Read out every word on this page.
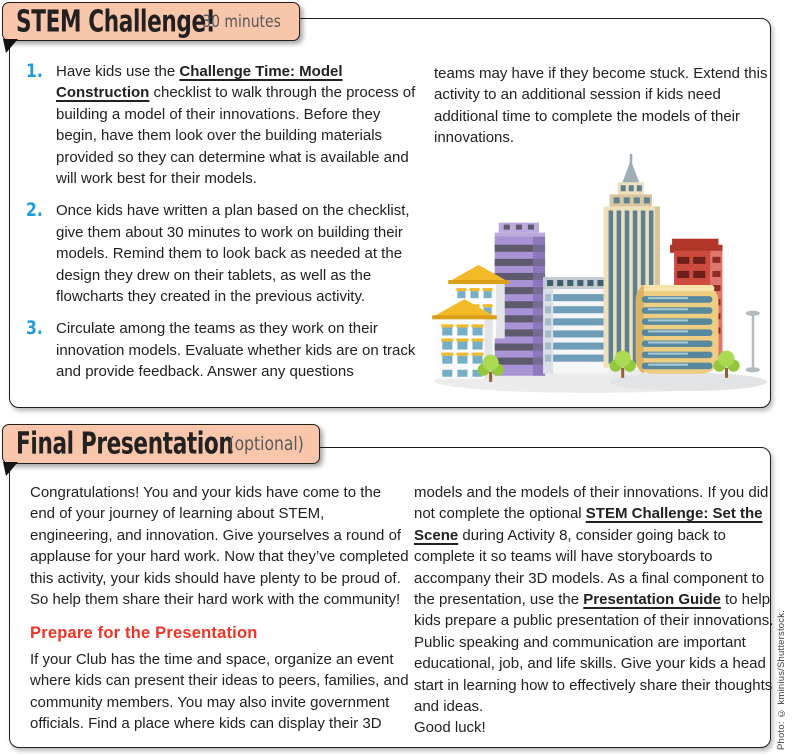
1. Have kids use the Challenge Time: Model Construction checklist to walk through the process of building a model of their innovations. Before they begin, have them look over the building materials provided so they can determine what is available and will work best for their models.
2. Once kids have written a plan based on the checklist, give them about 30 minutes to work on building their models. Remind them to look back as needed at the design they drew on their tablets, as well as the flowcharts they created in the previous activity.
3. Circulate among the teams as they work on their innovation models. Evaluate whether kids are on track and provide feedback. Answer any questions

teams may have if they become stuck. Extend this activity to an additional session if kids need additional time to complete the models of their innovations.

STEM Challenge!
30 minutes

Congratulations! You and your kids have come to the end of your journey of learning about STEM, engineering, and innovation. Give yourselves a round of applause for your hard work. Now that they’ve completed this activity, your kids should have plenty to be proud of. So help them share their hard work with the community!

Prepare for the Presentation

If your Club has the time and space, organize an event where kids can present their ideas to peers, families, and community members. You may also invite government officials. Find a place where kids can display their 3D

models and the models of their innovations. If you did not complete the optional STEM Challenge: Set the Scene during Activity 8, consider going back to complete it so teams will have storyboards to accompany their 3D models. As a final component to the presentation, use the Presentation Guide to help kids prepare a public presentation of their innovations. Public speaking and communication are important educational, job, and life skills. Give your kids a head start in learning how to effectively share their thoughts and ideas.

Good luck!

Final Presentation
(optional)
Photo: © kminius/Shutterstock.
